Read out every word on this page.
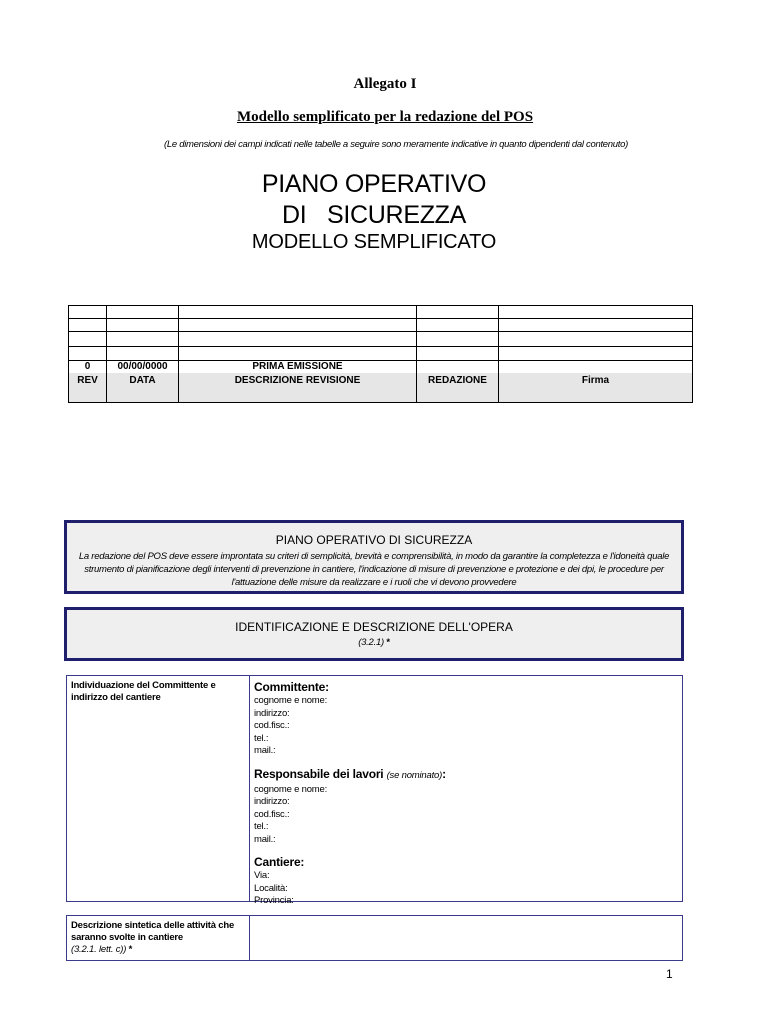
Allegato I
Modello semplificato per la redazione del POS
(Le dimensioni dei campi indicati nelle tabelle a seguire sono meramente indicative in quanto dipendenti dal contenuto)
PIANO OPERATIVO
DI SICUREZZA
MODELLO SEMPLIFICATO
0	00/00/0000	PRIMA EMISSIONE
REV	DATA	DESCRIZIONE REVISIONE	REDAZIONE	Firma
PIANO OPERATIVO DI SICUREZZA
La redazione del POS deve essere improntata su criteri di semplicità, brevità e comprensibilità, in modo da garantire la completezza e l'idoneità quale strumento di pianificazione degli interventi di prevenzione in cantiere, l'indicazione di misure di prevenzione e protezione e dei dpi, le procedure per l'attuazione delle misure da realizzare e i ruoli che vi devono provvedere
IDENTIFICAZIONE E DESCRIZIONE DELL'OPERA
(3.2.1) *
Individuazione del Committente e indirizzo del cantiere
Committente:
cognome e nome:
indirizzo:
cod.fisc.:
tel.:
mail.:
Responsabile dei lavori (se nominato):
cognome e nome:
indirizzo:
cod.fisc.:
tel.:
mail.:
Cantiere:
Via:
Località:
Provincia:
Descrizione sintetica delle attività che saranno svolte in cantiere
(3.2.1. lett. c)) *
1
